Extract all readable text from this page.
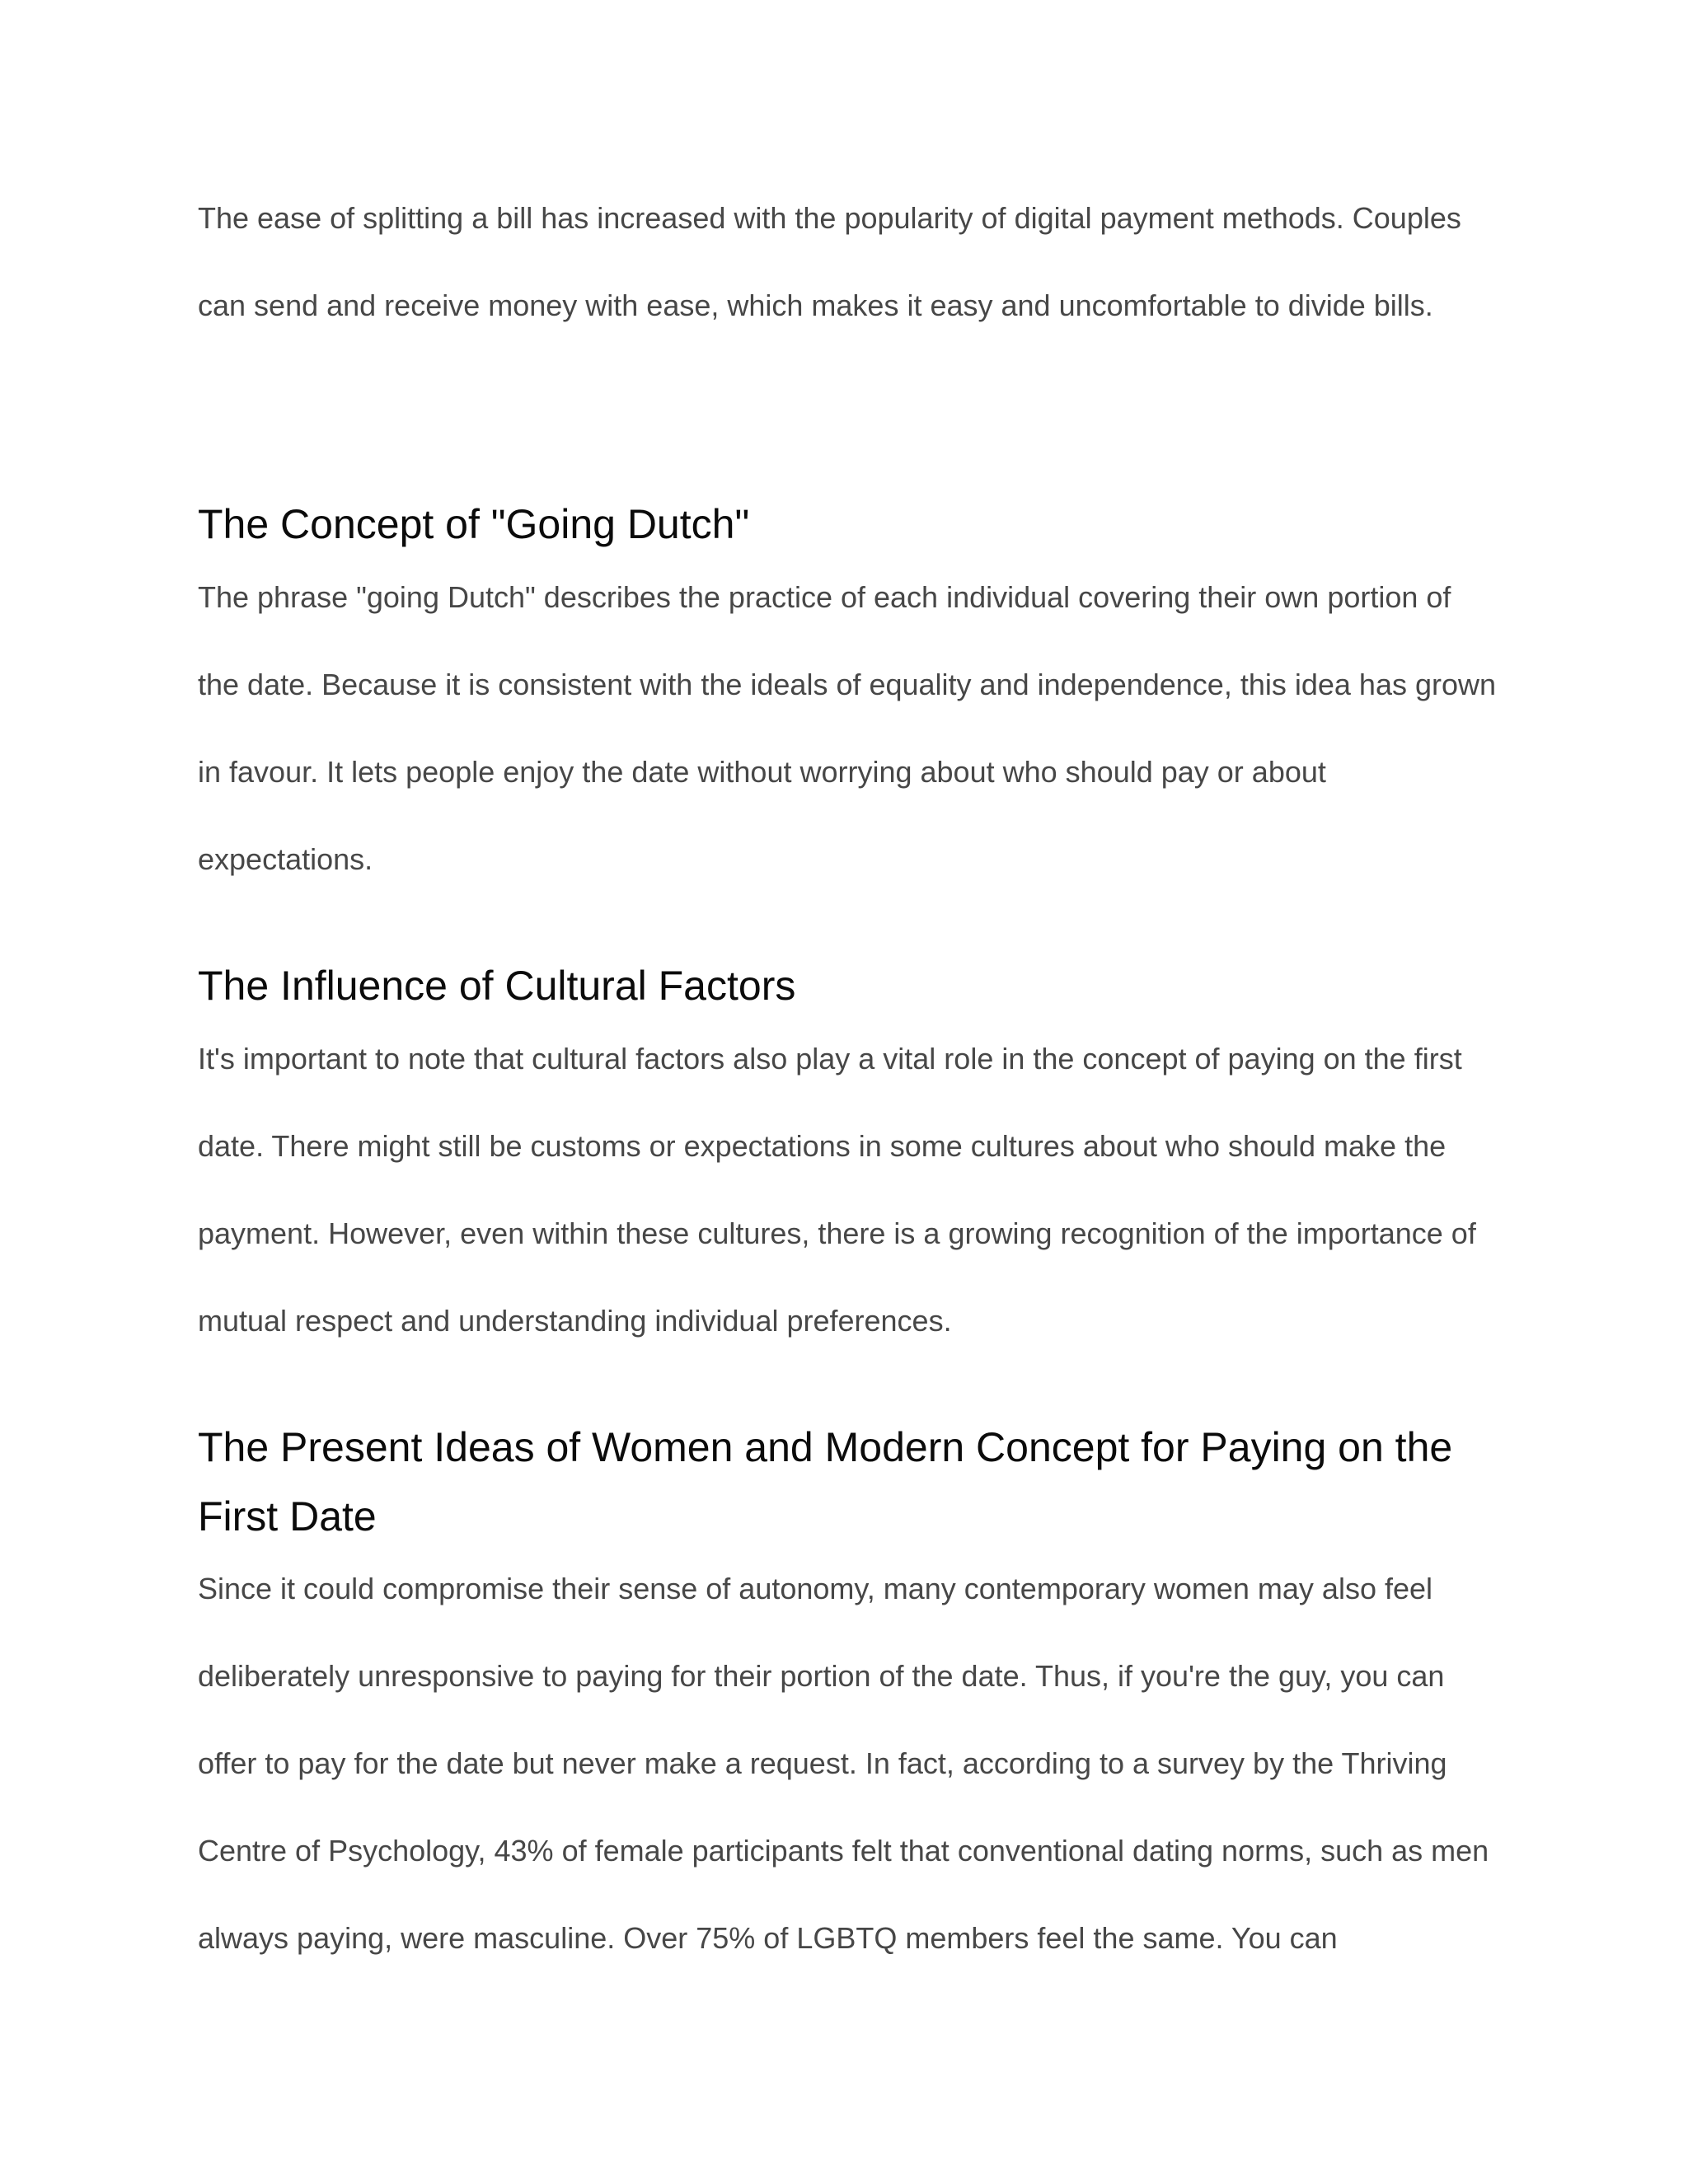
The ease of splitting a bill has increased with the popularity of digital payment methods. Couples can send and receive money with ease, which makes it easy and uncomfortable to divide bills.

The Concept of "Going Dutch"

The phrase "going Dutch" describes the practice of each individual covering their own portion of the date. Because it is consistent with the ideals of equality and independence, this idea has grown in favour. It lets people enjoy the date without worrying about who should pay or about expectations.

The Influence of Cultural Factors

It's important to note that cultural factors also play a vital role in the concept of paying on the first date. There might still be customs or expectations in some cultures about who should make the payment. However, even within these cultures, there is a growing recognition of the importance of mutual respect and understanding individual preferences.

The Present Ideas of Women and Modern Concept for Paying on the First Date

Since it could compromise their sense of autonomy, many contemporary women may also feel deliberately unresponsive to paying for their portion of the date. Thus, if you're the guy, you can offer to pay for the date but never make a request. In fact, according to a survey by the Thriving Centre of Psychology, 43% of female participants felt that conventional dating norms, such as men always paying, were masculine. Over 75% of LGBTQ members feel the same. You can
